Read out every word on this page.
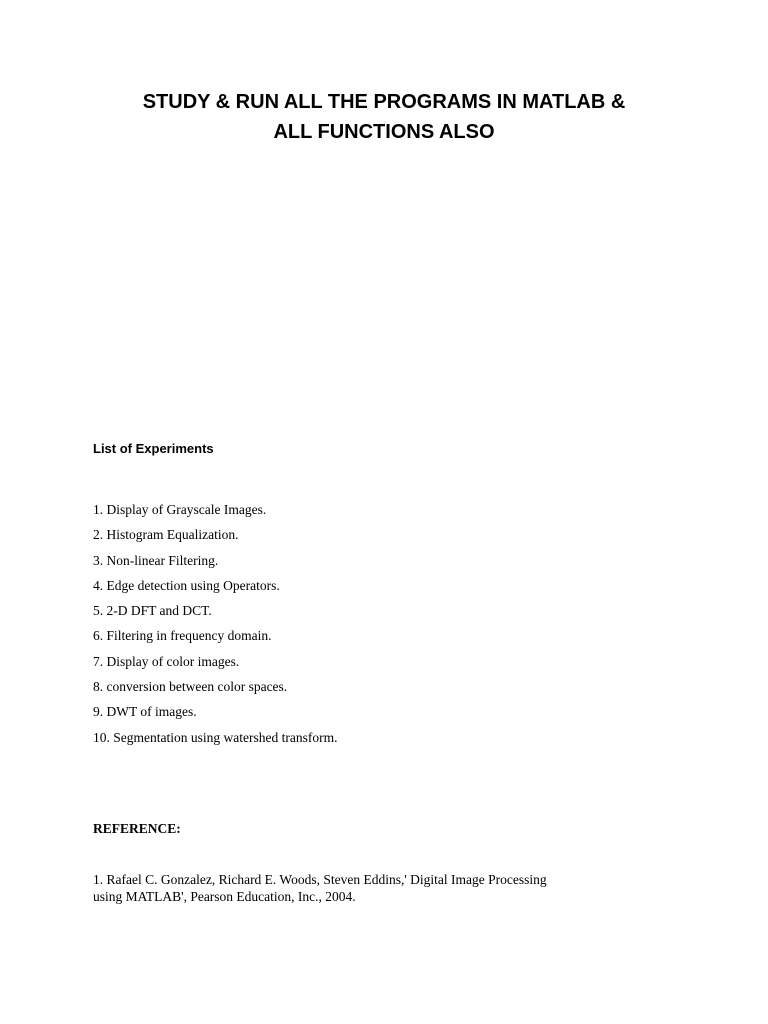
STUDY & RUN ALL THE PROGRAMS IN MATLAB &
ALL FUNCTIONS ALSO
List of Experiments
1. Display of Grayscale Images.
2. Histogram Equalization.
3. Non-linear Filtering.
4. Edge detection using Operators.
5. 2-D DFT and DCT.
6. Filtering in frequency domain.
7. Display of color images.
8. conversion between color spaces.
9. DWT of images.
10. Segmentation using watershed transform.
REFERENCE:

1. Rafael C. Gonzalez, Richard E. Woods, Steven Eddins,' Digital Image Processing
using MATLAB', Pearson Education, Inc., 2004.
